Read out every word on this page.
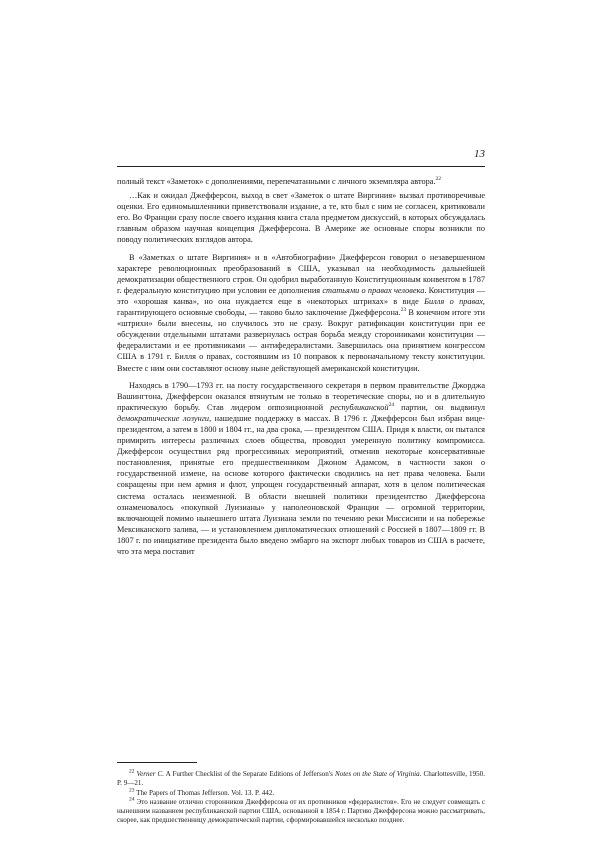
13

полный текст «Заметок» с дополнениями, перепечатанными с личного экземпляра автора.$^{22}$

…Как и ожидал Джефферсон, выход в свет «Заметок о штате Виргиния» вызвал противоречивые оценки. Его единомышленники приветствовали издание, а те, кто был с ним не согласен, критиковали его. Во Франции сразу после своего издания книга стала предметом дискуссий, в которых обсуждалась главным образом научная концепция Джефферсона. В Америке же основные споры возникли по поводу политических взглядов автора.

В «Заметках о штате Виргиния» и в «Автобиографии» Джефферсон говорил о незавершенном характере революционных преобразований в США, указывал на необходимость дальнейшей демократизации общественного строя. Он одобрил выработанную Конституционным конвентом в 1787 г. федеральную конституцию при условии ее дополнения статьями о правах человека. Конституция — это «хорошая канва», но она нуждается еще в «некоторых штрихах» в виде Билля о правах, гарантирующего основные свободы, — таково было заключение Джефферсона.$^{23}$ В конечном итоге эти «штрихи» были внесены, но случилось это не сразу. Вокруг ратификации конституции при ее обсуждении отдельными штатами развернулась острая борьба между сторонниками конституции — федералистами и ее противниками — антифедералистами. Завершилась она принятием конгрессом США в 1791 г. Билля о правах, состоявшим из 10 поправок к первоначальному тексту конституции. Вместе с ним они составляют основу ныне действующей американской конституции.

Находясь в 1790—1793 гг. на посту государственного секретаря в первом правительстве Джорджа Вашингтона, Джефферсон оказался втянутым не только в теоретические споры, но и в длительную практическую борьбу. Став лидером оппозиционной республиканской$^{24}$ партии, он выдвинул демократические лозунги, нашедшие поддержку в массах. В 1796 г. Джефферсон был избран вице-президентом, а затем в 1800 и 1804 гг., на два срока, — президентом США. Придя к власти, он пытался примирить интересы различных слоев общества, проводил умеренную политику компромисса. Джефферсон осуществил ряд прогрессивных мероприятий, отменив некоторые консервативные постановления, принятые его предшественником Джоном Адамсом, в частности закон о государственной измене, на основе которого фактически сводились на нет права человека. Были сокращены при нем армия и флот, упрощен государственный аппарат, хотя в целом политическая система осталась неизменной. В области внешней политики президентство Джефферсона ознаменовалось «покупкой Луизианы» у наполеоновской Франции — огромной территории, включающей помимо нынешнего штата Луизиана земли по течению реки Миссисипи и на побережье Мексиканского залива, — и установлением дипломатических отношений с Россией в 1807—1809 гг. В 1807 г. по инициативе президента было введено эмбарго на экспорт любых товаров из США в расчете, что эта мера поставит

$^{22}$ Verner C. A Further Checklist of the Separate Editions of Jefferson's Notes on the State of Virginia. Charlottesville, 1950. P. 9—21.

$^{23}$ The Papers of Thomas Jefferson. Vol. 13. P. 442.

$^{24}$ Это название отлично сторонников Джефферсона от их противников «федералистов». Его не следует совмещать с нынешним названием республиканской партии США, основанной в 1854 г. Партию Джефферсона можно рассматривать, скорее, как предшественницу демократической партии, сформировавшейся несколько позднее.
